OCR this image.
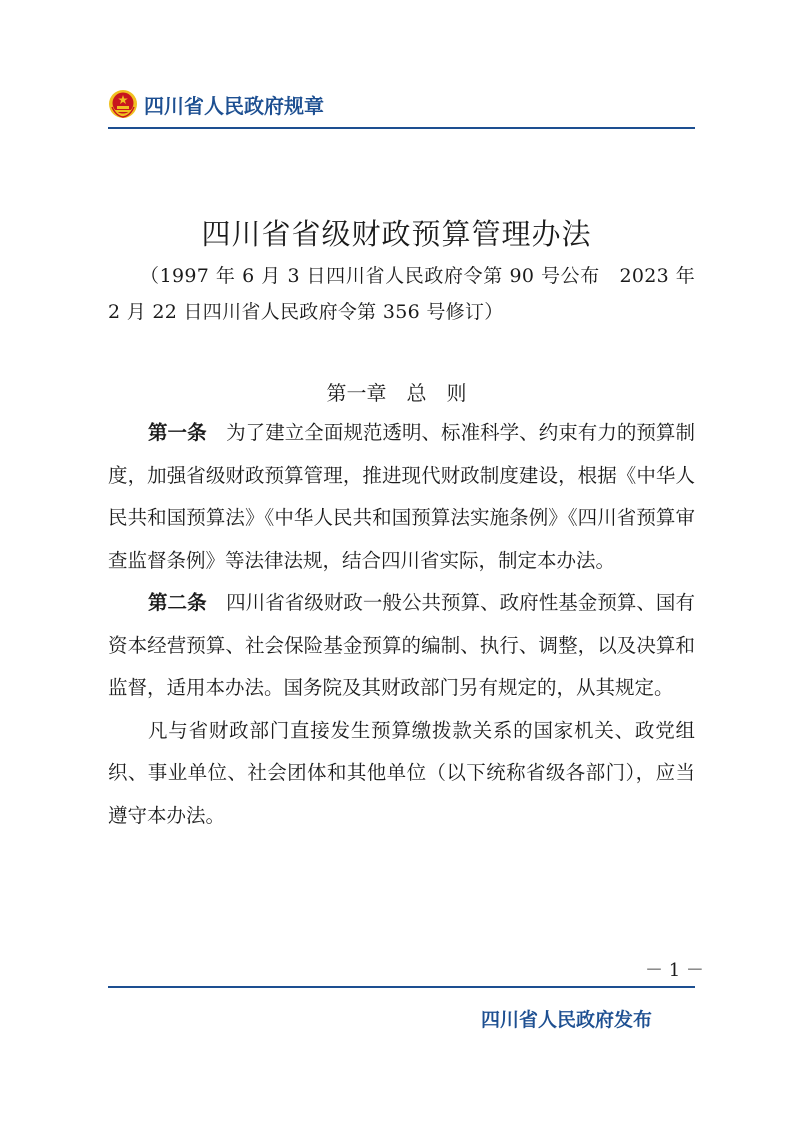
四川省人民政府规章
四川省省级财政预算管理办法
（1997 年 6 月 3 日四川省人民政府令第 90 号公布　2023 年
2 月 22 日四川省人民政府令第 356 号修订）
第一章　总　则

第一条　为了建立全面规范透明、标准科学、约束有力的预算制度，加强省级财政预算管理，推进现代财政制度建设，根据《中华人民共和国预算法》《中华人民共和国预算法实施条例》《四川省预算审查监督条例》等法律法规，结合四川省实际，制定本办法。

第二条　四川省省级财政一般公共预算、政府性基金预算、国有资本经营预算、社会保险基金预算的编制、执行、调整，以及决算和监督，适用本办法。国务院及其财政部门另有规定的，从其规定。

凡与省财政部门直接发生预算缴拨款关系的国家机关、政党组织、事业单位、社会团体和其他单位（以下统称省级各部门），应当遵守本办法。

－ 1 －
四川省人民政府发布
